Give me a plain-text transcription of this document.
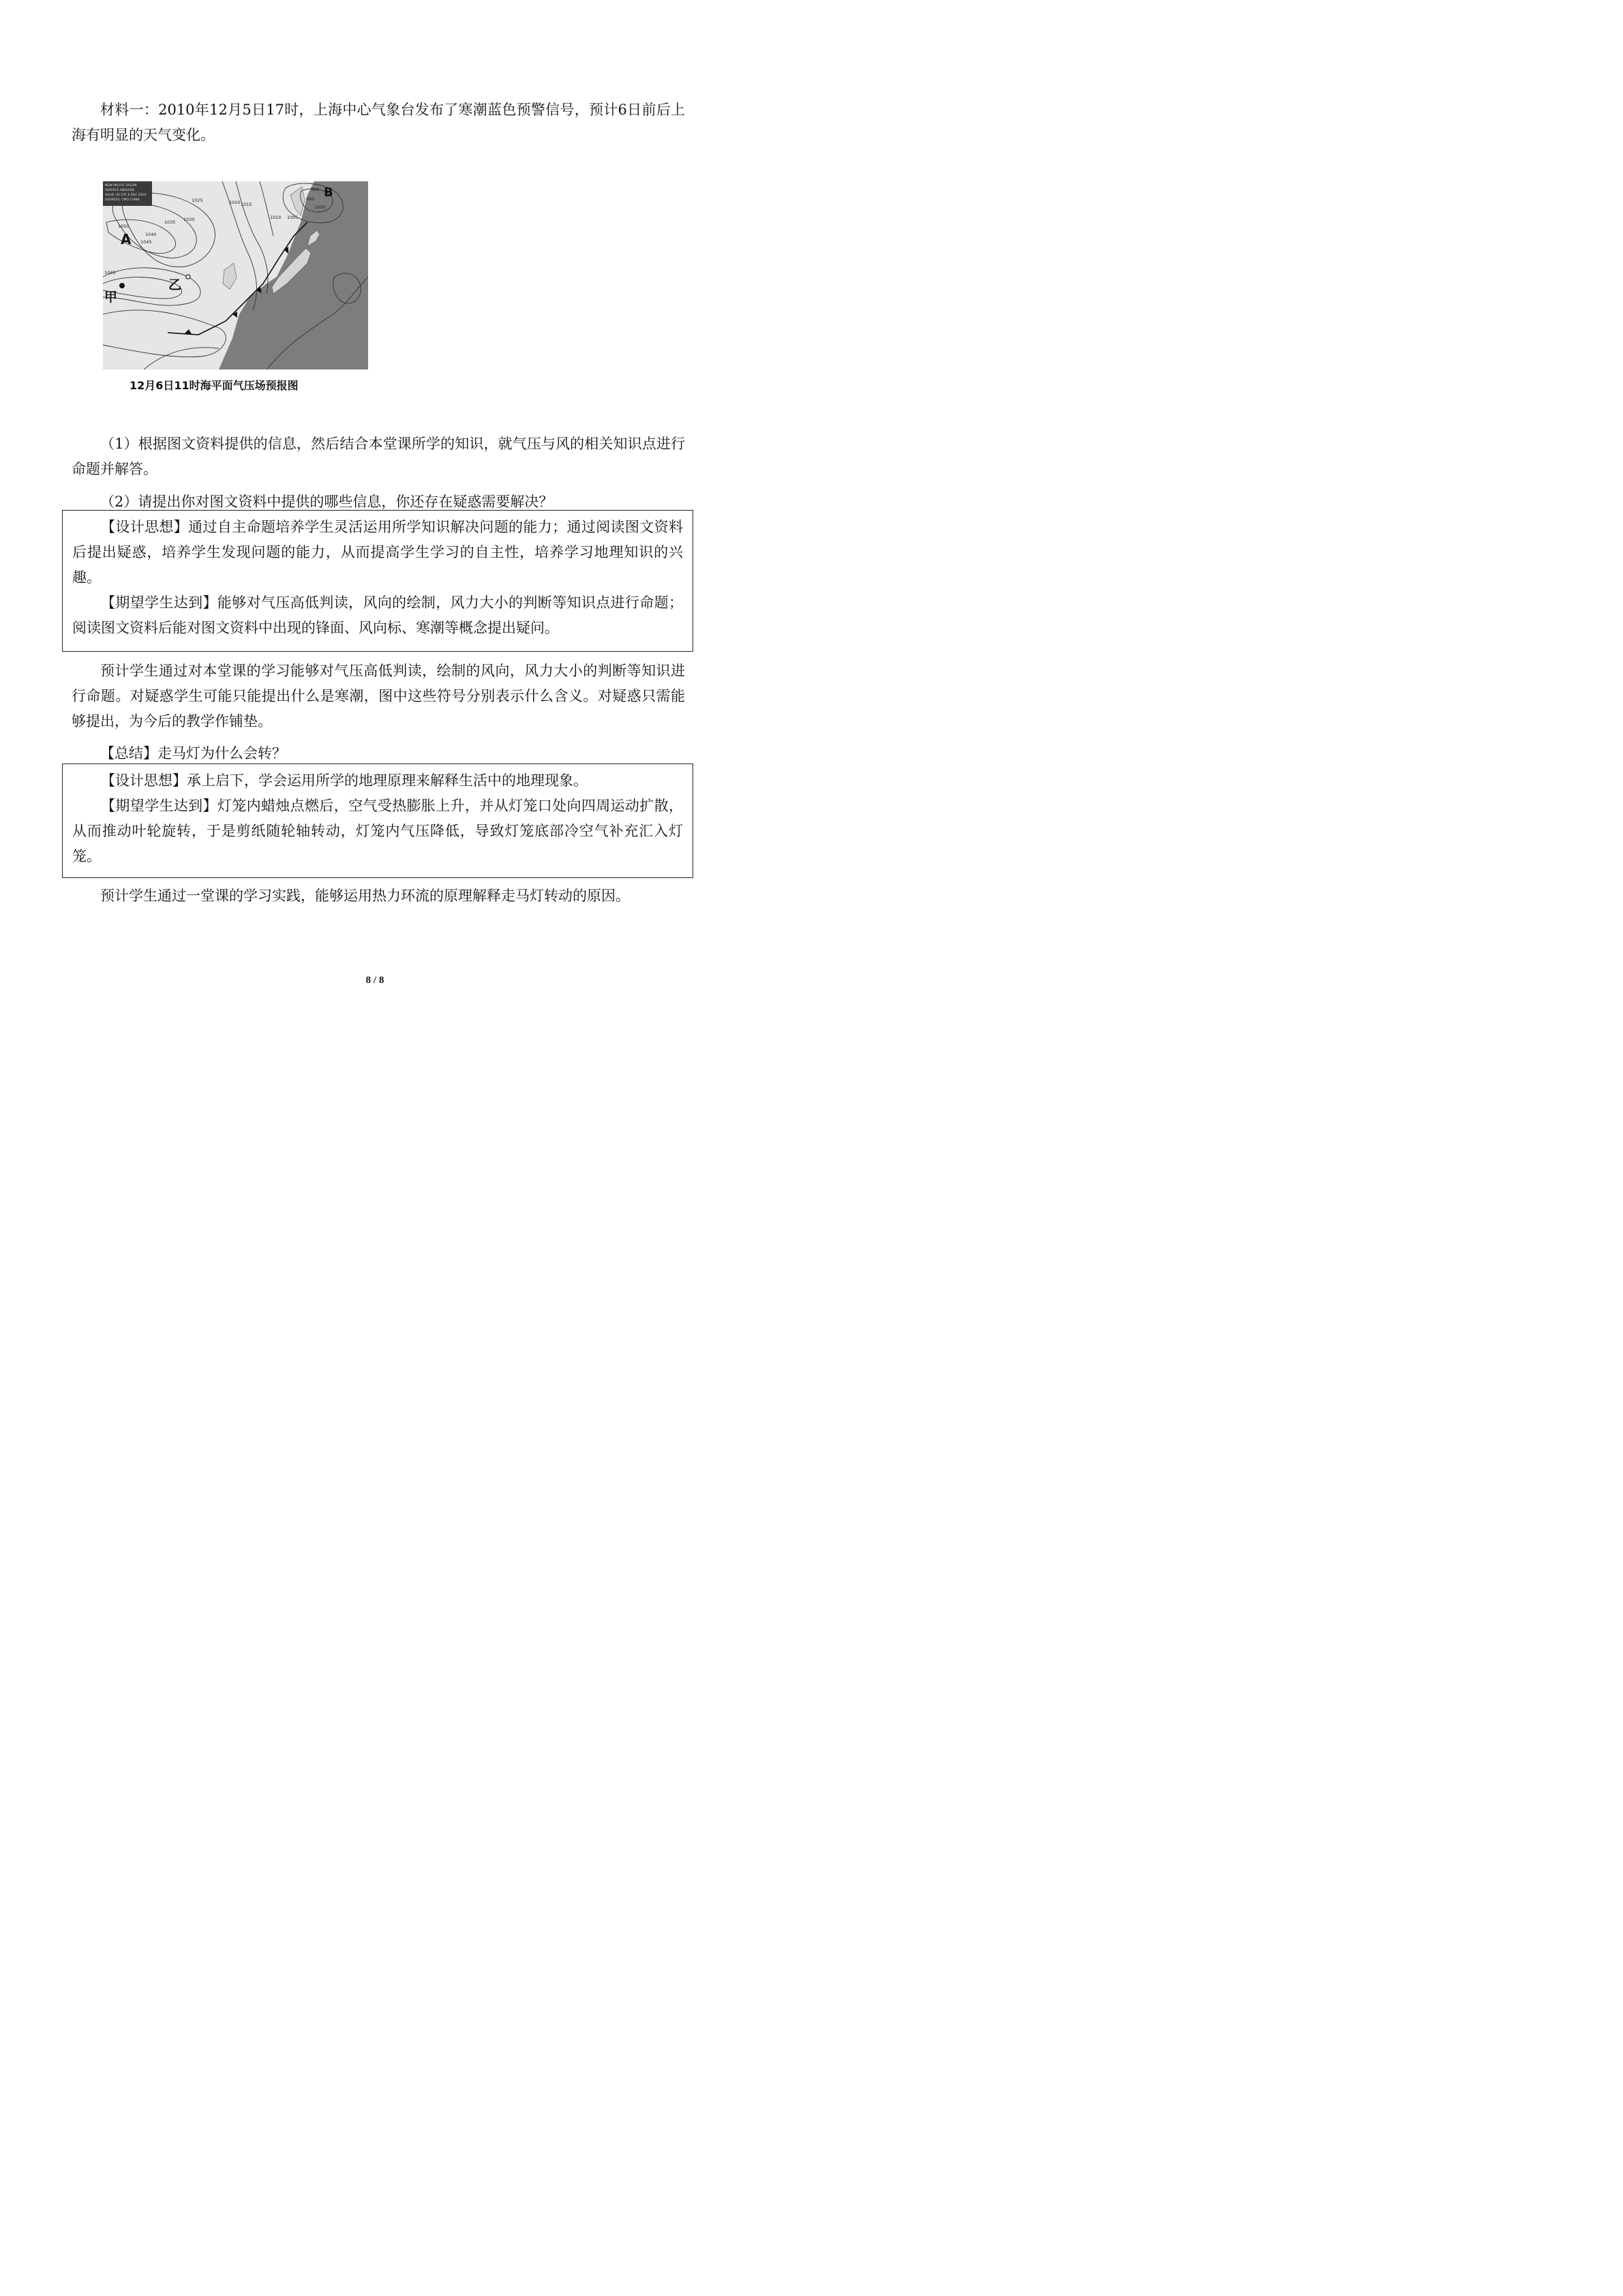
材料一：2010年12月5日17时，上海中心气象台发布了寒潮蓝色预警信号，预计6日前后上海有明显的天气变化。

NEW PACIFIC OCEAN
SURFACE ANALYSIS
VALID: 00 UTC 6 DEC 2010
SOURCES: CMO CHINA	1025	1020 1015
1010 1005
1030
1035
1040
1045
1050
1045
990
995
1000
A
B
甲
乙
12月6日11时海平面气压场预报图

（1）根据图文资料提供的信息，然后结合本堂课所学的知识，就气压与风的相关知识点进行命题并解答。

（2）请提出你对图文资料中提供的哪些信息，你还存在疑惑需要解决？

【设计思想】通过自主命题培养学生灵活运用所学知识解决问题的能力；通过阅读图文资料后提出疑惑，培养学生发现问题的能力，从而提高学生学习的自主性，培养学习地理知识的兴趣。

【期望学生达到】能够对气压高低判读，风向的绘制，风力大小的判断等知识点进行命题；阅读图文资料后能对图文资料中出现的锋面、风向标、寒潮等概念提出疑问。

预计学生通过对本堂课的学习能够对气压高低判读，绘制的风向，风力大小的判断等知识进行命题。对疑惑学生可能只能提出什么是寒潮，图中这些符号分别表示什么含义。对疑惑只需能够提出，为今后的教学作铺垫。

【总结】走马灯为什么会转？

【设计思想】承上启下，学会运用所学的地理原理来解释生活中的地理现象。

【期望学生达到】灯笼内蜡烛点燃后，空气受热膨胀上升，并从灯笼口处向四周运动扩散，从而推动叶轮旋转，于是剪纸随轮轴转动，灯笼内气压降低，导致灯笼底部冷空气补充汇入灯笼。

预计学生通过一堂课的学习实践，能够运用热力环流的原理解释走马灯转动的原因。

8 / 8
